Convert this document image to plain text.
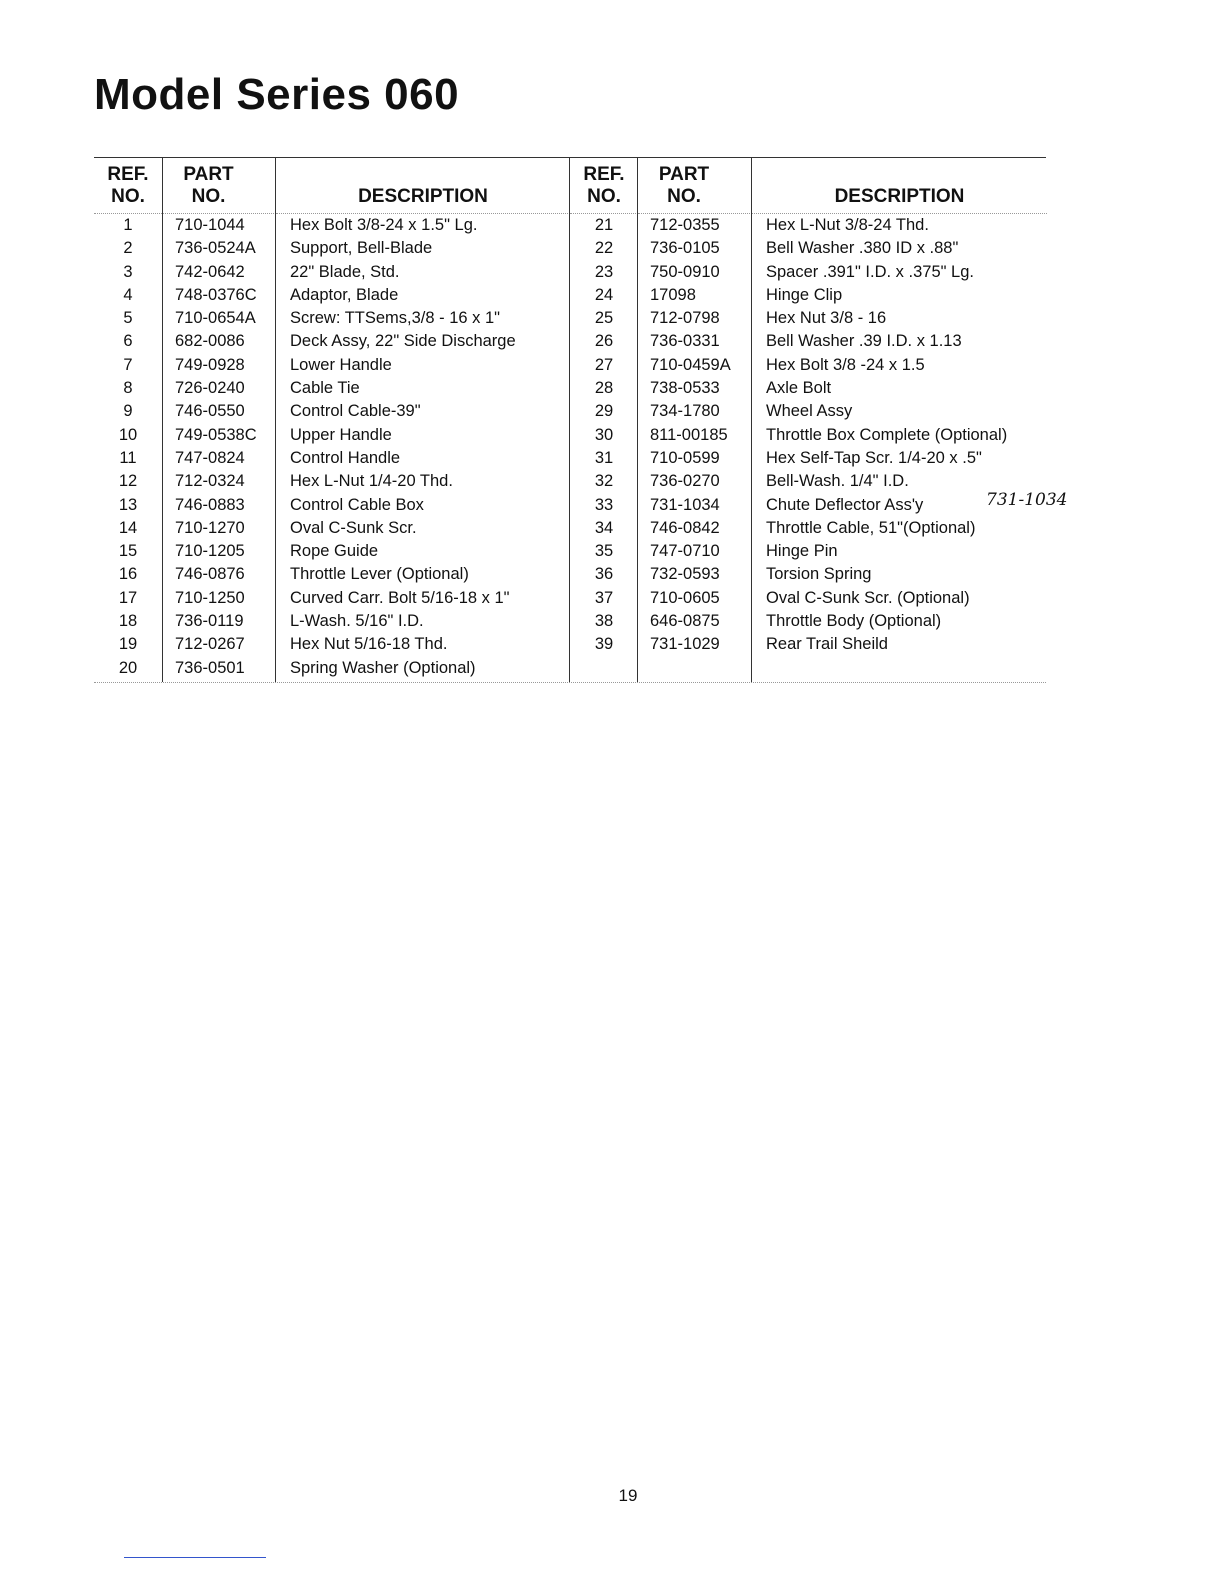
Model Series 060
REF.
NO.
1
2
3
4
5
6
7
8
9
10
11
12
13
14
15
16
17
18
19
20
PART
NO.
710-1044
736-0524A
742-0642
748-0376C
710-0654A
682-0086
749-0928
726-0240
746-0550
749-0538C
747-0824
712-0324
746-0883
710-1270
710-1205
746-0876
710-1250
736-0119
712-0267
736-0501
DESCRIPTION
Hex Bolt 3/8-24 x 1.5" Lg.
Support, Bell-Blade
22" Blade, Std.
Adaptor, Blade
Screw: TTSems,3/8 - 16 x 1"
Deck Assy, 22" Side Discharge
Lower Handle
Cable Tie
Control Cable-39"
Upper Handle
Control Handle
Hex L-Nut 1/4-20 Thd.
Control Cable Box
Oval C-Sunk Scr.
Rope Guide
Throttle Lever (Optional)
Curved Carr. Bolt 5/16-18 x 1"
L-Wash. 5/16" I.D.
Hex Nut 5/16-18 Thd.
Spring Washer (Optional)
REF.
NO.
21
22
23
24
25
26
27
28
29
30
31
32
33
34
35
36
37
38
39
PART
NO.
712-0355
736-0105
750-0910
17098
712-0798
736-0331
710-0459A
738-0533
734-1780
811-00185
710-0599
736-0270
731-1034
746-0842
747-0710
732-0593
710-0605
646-0875
731-1029
DESCRIPTION
Hex L-Nut 3/8-24 Thd.
Bell Washer .380 ID x .88"
Spacer .391" I.D. x .375" Lg.
Hinge Clip
Hex Nut 3/8 - 16
Bell Washer .39 I.D. x 1.13
Hex Bolt 3/8 -24 x 1.5
Axle Bolt
Wheel Assy
Throttle Box Complete (Optional)
Hex Self-Tap Scr. 1/4-20 x .5"
Bell-Wash. 1/4" I.D.
Chute Deflector Ass'y
Throttle Cable, 51"(Optional)
Hinge Pin
Torsion Spring
Oval C-Sunk Scr. (Optional)
Throttle Body (Optional)
Rear Trail Sheild
731-1034
19
